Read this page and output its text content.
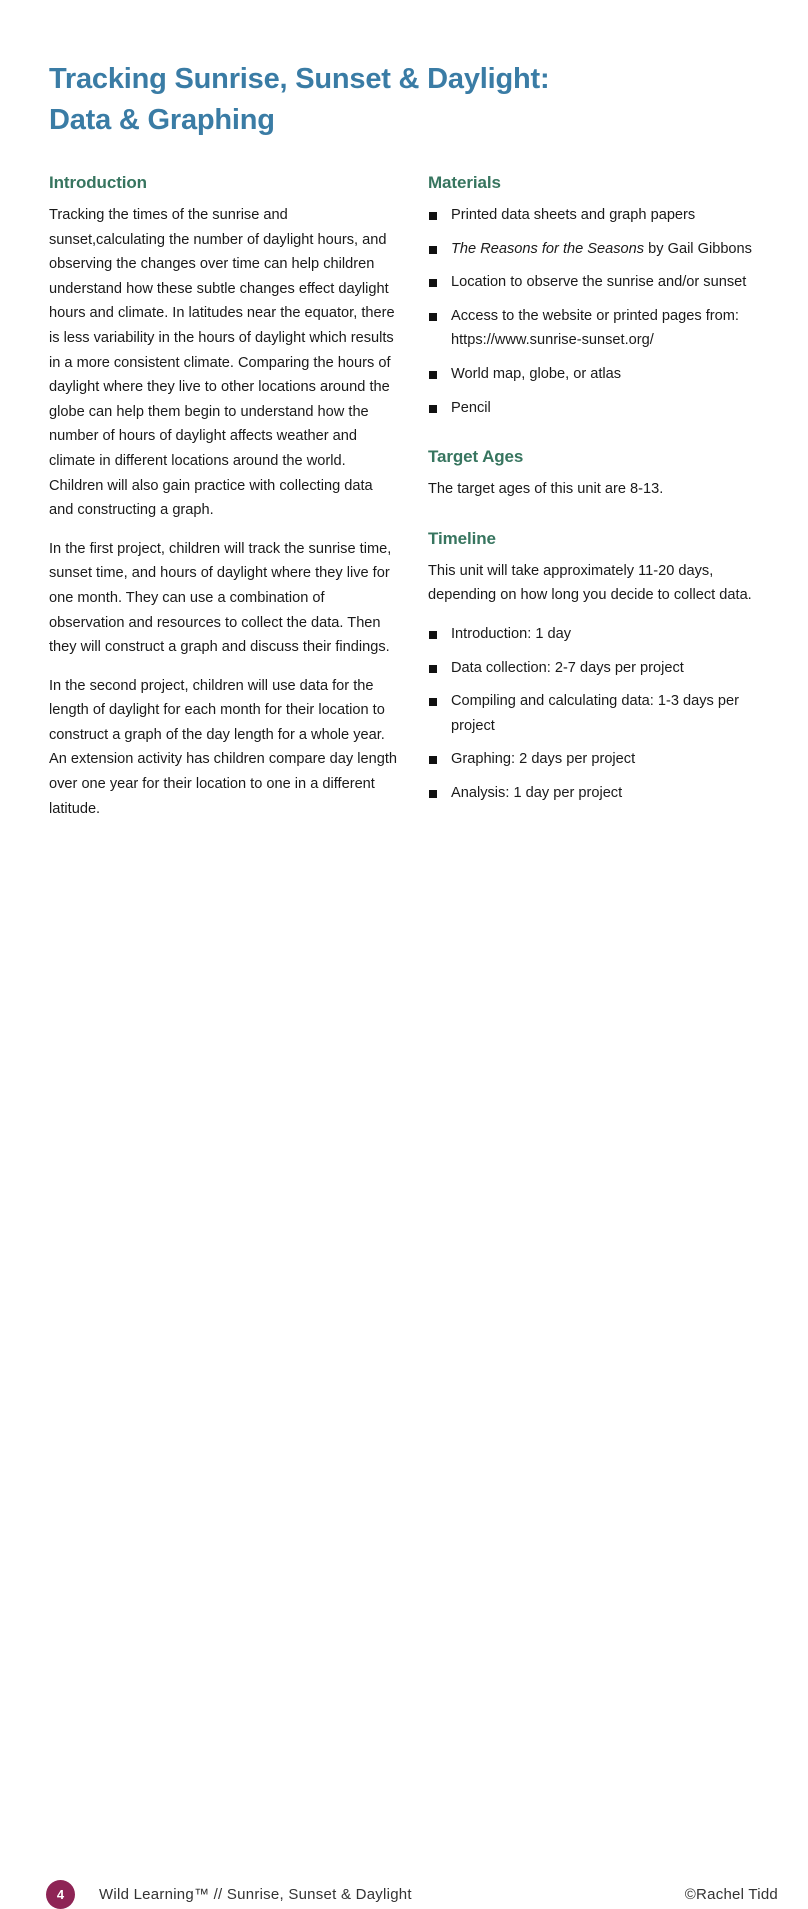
Tracking Sunrise, Sunset & Daylight:
Data & Graphing
Introduction

Tracking the times of the sunrise and sunset,calculating the number of daylight hours, and observing the changes over time can help children understand how these subtle changes effect daylight hours and climate. In latitudes near the equator, there is less variability in the hours of daylight which results in a more consistent climate. Comparing the hours of daylight where they live to other locations around the globe can help them begin to understand how the number of hours of daylight affects weather and climate in different locations around the world. Children will also gain practice with collecting data and constructing a graph.

In the first project, children will track the sunrise time, sunset time, and hours of daylight where they live for one month. They can use a combination of observation and resources to collect the data. Then they will construct a graph and discuss their findings.

In the second project, children will use data for the length of daylight for each month for their location to construct a graph of the day length for a whole year. An extension activity has children compare day length over one year for their location to one in a different latitude.

Materials
Printed data sheets and graph papers
The Reasons for the Seasons by Gail Gibbons
Location to observe the sunrise and/or sunset
Access to the website or printed pages from: https://www.sunrise-sunset.org/
World map, globe, or atlas
Pencil
Target Ages

The target ages of this unit are 8-13.

Timeline

This unit will take approximately 11-20 days, depending on how long you decide to collect data.

Introduction: 1 day
Data collection: 2-7 days per project
Compiling and calculating data: 1-3 days per project
Graphing: 2 days per project
Analysis: 1 day per project
4	Wild Learning™ // Sunrise, Sunset & Daylight	©Rachel Tidd
